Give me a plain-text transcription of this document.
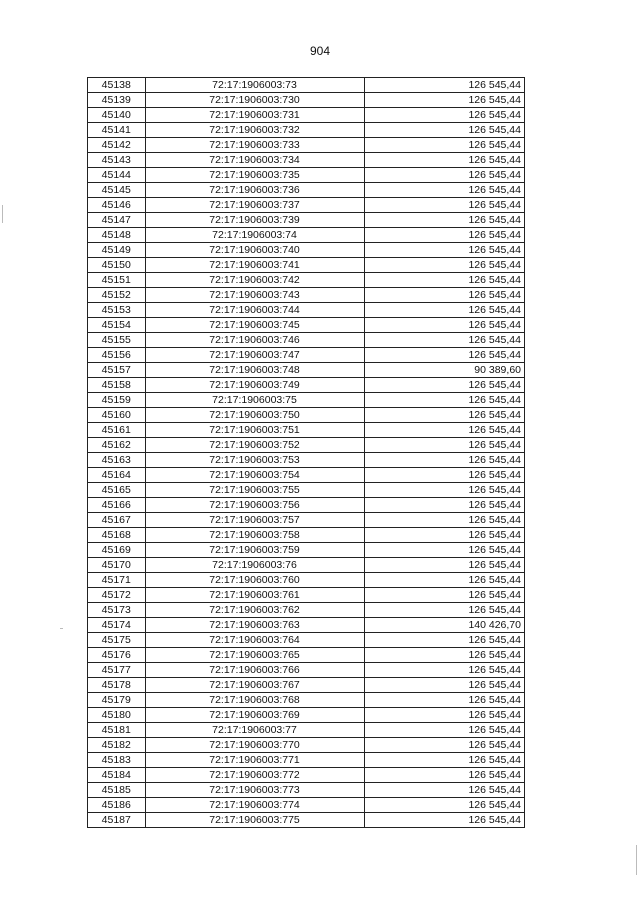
904
45138	72:17:1906003:73	126 545,44
45139	72:17:1906003:730	126 545,44
45140	72:17:1906003:731	126 545,44
45141	72:17:1906003:732	126 545,44
45142	72:17:1906003:733	126 545,44
45143	72:17:1906003:734	126 545,44
45144	72:17:1906003:735	126 545,44
45145	72:17:1906003:736	126 545,44
45146	72:17:1906003:737	126 545,44
45147	72:17:1906003:739	126 545,44
45148	72:17:1906003:74	126 545,44
45149	72:17:1906003:740	126 545,44
45150	72:17:1906003:741	126 545,44
45151	72:17:1906003:742	126 545,44
45152	72:17:1906003:743	126 545,44
45153	72:17:1906003:744	126 545,44
45154	72:17:1906003:745	126 545,44
45155	72:17:1906003:746	126 545,44
45156	72:17:1906003:747	126 545,44
45157	72:17:1906003:748	90 389,60
45158	72:17:1906003:749	126 545,44
45159	72:17:1906003:75	126 545,44
45160	72:17:1906003:750	126 545,44
45161	72:17:1906003:751	126 545,44
45162	72:17:1906003:752	126 545,44
45163	72:17:1906003:753	126 545,44
45164	72:17:1906003:754	126 545,44
45165	72:17:1906003:755	126 545,44
45166	72:17:1906003:756	126 545,44
45167	72:17:1906003:757	126 545,44
45168	72:17:1906003:758	126 545,44
45169	72:17:1906003:759	126 545,44
45170	72:17:1906003:76	126 545,44
45171	72:17:1906003:760	126 545,44
45172	72:17:1906003:761	126 545,44
45173	72:17:1906003:762	126 545,44
45174	72:17:1906003:763	140 426,70
45175	72:17:1906003:764	126 545,44
45176	72:17:1906003:765	126 545,44
45177	72:17:1906003:766	126 545,44
45178	72:17:1906003:767	126 545,44
45179	72:17:1906003:768	126 545,44
45180	72:17:1906003:769	126 545,44
45181	72:17:1906003:77	126 545,44
45182	72:17:1906003:770	126 545,44
45183	72:17:1906003:771	126 545,44
45184	72:17:1906003:772	126 545,44
45185	72:17:1906003:773	126 545,44
45186	72:17:1906003:774	126 545,44
45187	72:17:1906003:775	126 545,44
